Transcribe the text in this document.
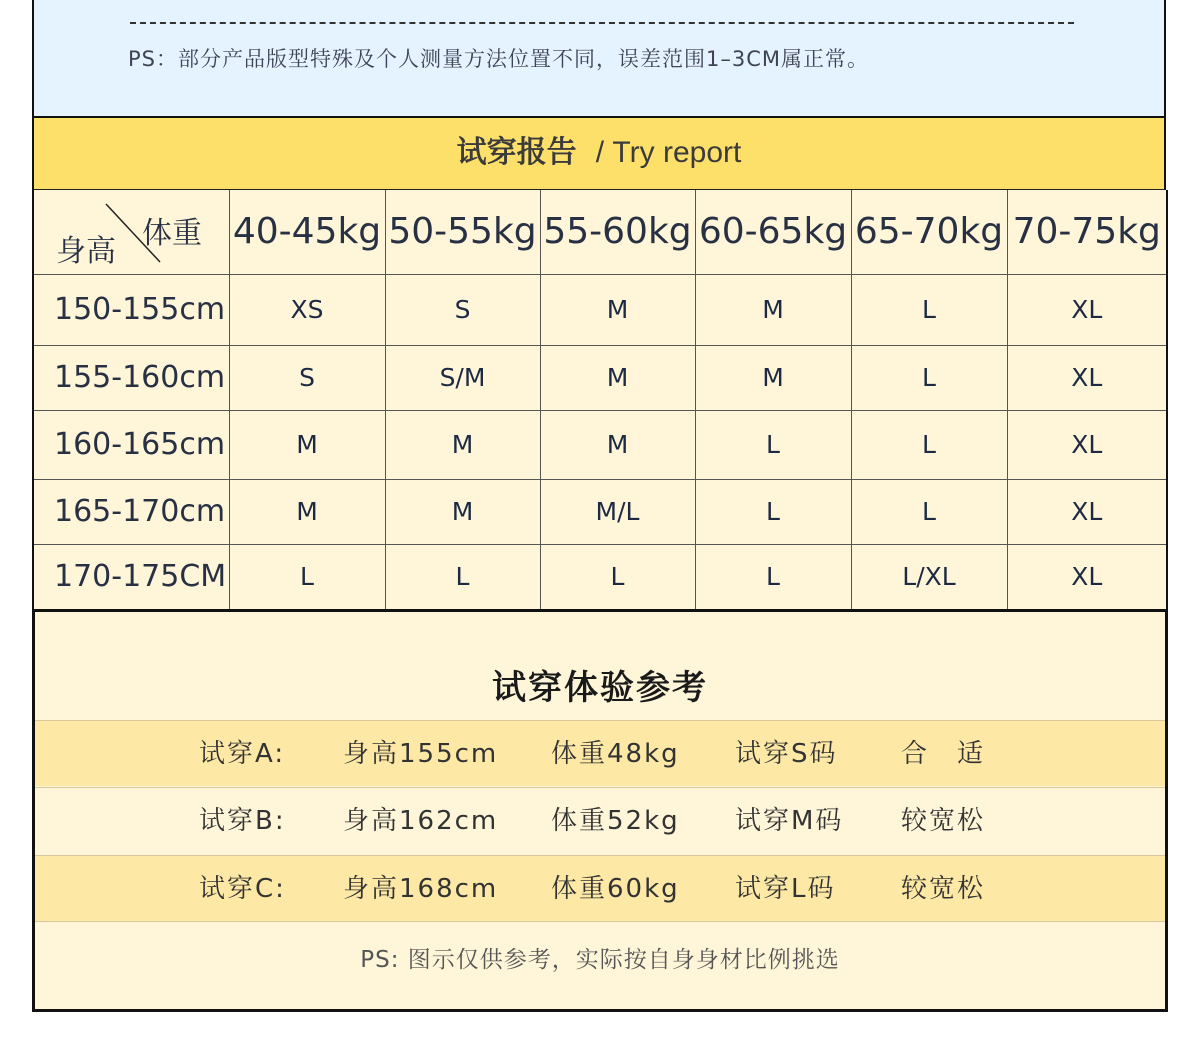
PS：部分产品版型特殊及个人测量方法位置不同，误差范围1–3CM属正常。
试穿报告 / Try report
身高
体重	40-45kg	50-55kg	55-60kg	60-65kg	65-70kg	70-75kg
150-155cm	XS	S	M	M	L	XL
155-160cm	S	S/M	M	M	L	XL
160-165cm	M	M	M	L	L	XL
165-170cm	M	M	M/L	L	L	XL
170-175CM	L	L	L	L	L/XL	XL
试穿体验参考
试穿A: 身高155cm 体重48kg 试穿S码 合　适
试穿B: 身高162cm 体重52kg 试穿M码 较宽松
试穿C: 身高168cm 体重60kg 试穿L码	较宽松
PS: 图示仅供参考，实际按自身身材比例挑选
